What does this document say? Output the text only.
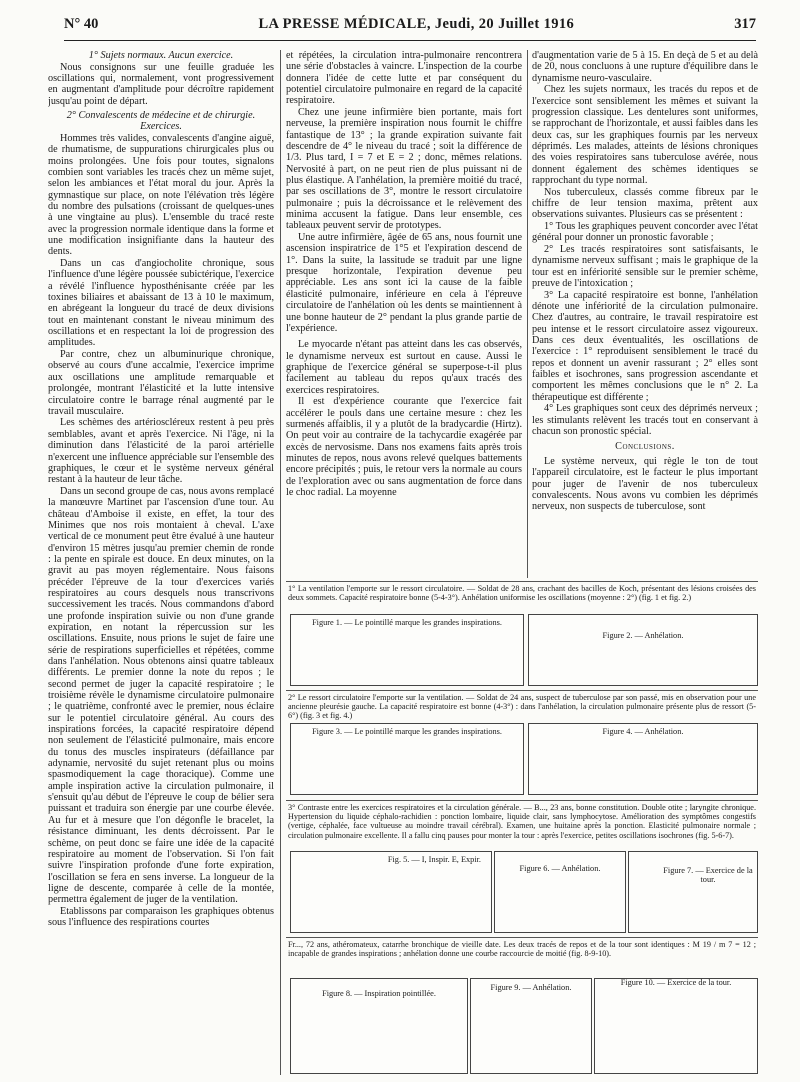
N° 40	LA PRESSE MÉDICALE, Jeudi, 20 Juillet 1916	317

1° Sujets normaux. Aucun exercice.

Nous consignons sur une feuille graduée les oscillations qui, normalement, vont progressivement en augmentant d'amplitude pour décroître rapidement jusqu'au point de départ.

2° Convalescents de médecine et de chirurgie. Exercices.

Hommes très valides, convalescents d'angine aiguë, de rhumatisme, de suppurations chirurgicales plus ou moins prolongées. Une fois pour toutes, signalons combien sont variables les tracés chez un même sujet, selon les ambiances et l'état moral du jour. Après la gymnastique sur place, on note l'élévation très légère du nombre des pulsations (croissant de quelques-unes à une vingtaine au plus). L'ensemble du tracé reste avec la progression normale identique dans la forme et une modification insignifiante dans la hauteur des dents.

Dans un cas d'angiocholite chronique, sous l'influence d'une légère poussée subictérique, l'exercice a révélé l'influence hyposthénisante créée par les toxines biliaires et abaissant de 13 à 10 le maximum, en abrégeant la longueur du tracé de deux divisions tout en maintenant constant le niveau minimum des oscillations et en respectant la loi de progression des amplitudes.

Par contre, chez un albuminurique chronique, observé au cours d'une accalmie, l'exercice imprime aux oscillations une amplitude remarquable et prolongée, montrant l'élasticité et la lutte intensive circulatoire contre le barrage rénal augmenté par le travail musculaire.

Les schèmes des artérioscléreux restent à peu près semblables, avant et après l'exercice. Ni l'âge, ni la diminution dans l'élasticité de la paroi artérielle n'exercent une influence appréciable sur l'ensemble des graphiques, le cœur et le système nerveux général restant à la hauteur de leur tâche.

Dans un second groupe de cas, nous avons remplacé la manœuvre Martinet par l'ascension d'une tour. Au château d'Amboise il existe, en effet, la tour des Minimes que nos rois montaient à cheval. L'axe vertical de ce monument peut être évalué à une hauteur d'environ 15 mètres jusqu'au premier chemin de ronde : la pente en spirale est douce. En deux minutes, on la gravit au pas moyen réglementaire. Nous faisons précéder l'épreuve de la tour d'exercices variés respiratoires au cours desquels nous transcrivons successivement les tracés. Nous commandons d'abord une profonde inspiration suivie ou non d'une grande expiration, en notant la répercussion sur les oscillations. Ensuite, nous prions le sujet de faire une série de respirations superficielles et répétées, comme dans l'anhélation. Nous obtenons ainsi quatre tableaux différents. Le premier donne la note du repos ; le second permet de juger la capacité respiratoire ; le troisième révèle le dynamisme circulatoire pulmonaire ; le quatrième, confronté avec le premier, nous éclaire sur le potentiel circulatoire général. Au cours des inspirations forcées, la capacité respiratoire dépend non seulement de l'élasticité pulmonaire, mais encore du tonus des muscles inspirateurs (défaillance par adynamie, nervosité du sujet retenant plus ou moins spasmodiquement la cage thoracique). Comme une ample inspiration active la circulation pulmonaire, il s'ensuit qu'au début de l'épreuve le coup de bélier sera puissant et traduira son énergie par une courbe élevée. Au fur et à mesure que l'on dégonfle le bracelet, la résistance diminuant, les dents décroissent. Par le schème, on peut donc se faire une idée de la capacité respiratoire au moment de l'observation. Si l'on fait suivre l'inspiration profonde d'une forte expiration, l'oscillation se fera en sens inverse. La longueur de la ligne de descente, comparée à celle de la montée, permettra également de juger de la ventilation.

Etablissons par comparaison les graphiques obtenus sous l'influence des respirations courtes

et répétées, la circulation intra-pulmonaire rencontrera une série d'obstacles à vaincre. L'inspection de la courbe donnera l'idée de cette lutte et par conséquent du potentiel circulatoire pulmonaire en regard de la capacité respiratoire.

Chez une jeune infirmière bien portante, mais fort nerveuse, la première inspiration nous fournit le chiffre fantastique de 13° ; la grande expiration suivante fait descendre de 4° le niveau du tracé ; soit la différence de 1/3. Plus tard, I = 7 et E = 2 ; donc, mêmes relations. Nervosité à part, on ne peut rien de plus puissant ni de plus élastique. A l'anhélation, la première moitié du tracé, par ses oscillations de 3°, montre le ressort circulatoire pulmonaire ; puis la décroissance et le relèvement des minima accusent la fatigue. Dans leur ensemble, ces tableaux peuvent servir de prototypes.

Une autre infirmière, âgée de 65 ans, nous fournit une ascension inspiratrice de 1°5 et l'expiration descend de 1°. Dans la suite, la lassitude se traduit par une ligne presque horizontale, l'expiration devenue peu appréciable. Les ans sont ici la cause de la faible élasticité pulmonaire, inférieure en cela à l'épreuve circulatoire de l'anhélation où les dents se maintiennent à une bonne hauteur de 2° pendant la plus grande partie de l'expérience.

Le myocarde n'étant pas atteint dans les cas observés, le dynamisme nerveux est surtout en cause. Aussi le graphique de l'exercice général se superpose-t-il plus facilement au tableau du repos qu'aux tracés des exercices respiratoires.

Il est d'expérience courante que l'exercice fait accélérer le pouls dans une certaine mesure : chez les surmenés affaiblis, il y a plutôt de la bradycardie (Hirtz). On peut voir au contraire de la tachycardie exagérée par excès de nervosisme. Dans nos examens faits après trois minutes de repos, nous avons relevé quelques battements encore précipités ; puis, le retour vers la normale au cours de l'exploration avec ou sans augmentation de force dans le choc radial. La moyenne

d'augmentation varie de 5 à 15. En deçà de 5 et au delà de 20, nous concluons à une rupture d'équilibre dans le dynamisme neuro-vasculaire.

Chez les sujets normaux, les tracés du repos et de l'exercice sont sensiblement les mêmes et suivant la progression classique. Les dentelures sont uniformes, se rapprochant de l'horizontale, et aussi faibles dans les deux cas, sur les graphiques fournis par les nerveux déprimés. Les malades, atteints de lésions chroniques des voies respiratoires sans tuberculose avérée, nous donnent également des schèmes identiques se rapprochant du type normal.

Nos tuberculeux, classés comme fibreux par le chiffre de leur tension maxima, prêtent aux observations suivantes. Plusieurs cas se présentent :

1° Tous les graphiques peuvent concorder avec l'état général pour donner un pronostic favorable ;

2° Les tracés respiratoires sont satisfaisants, le dynamisme nerveux suffisant ; mais le graphique de la tour est en infériorité sensible sur le premier schème, preuve de l'intoxication ;

3° La capacité respiratoire est bonne, l'anhélation dénote une infériorité de la circulation pulmonaire. Chez d'autres, au contraire, le travail respiratoire est peu intense et le ressort circulatoire assez vigoureux. Dans ces deux éventualités, les oscillations de l'exercice : 1° reproduisent sensiblement le tracé du repos et donnent un avenir rassurant ; 2° elles sont faibles et isochrones, sans progression ascendante et comportent les mêmes conclusions que le n° 2. La thérapeutique est différente ;

4° Les graphiques sont ceux des déprimés nerveux ; les stimulants relèvent les tracés tout en conservant à chacun son pronostic spécial.

Conclusions.

Le système nerveux, qui règle le ton de tout l'appareil circulatoire, est le facteur le plus important pour juger de l'avenir de nos tuberculeux convalescents. Nous avons vu combien les déprimés nerveux, non suspects de tuberculose, sont

1° La ventilation l'emporte sur le ressort circulatoire. — Soldat de 28 ans, crachant des bacilles de Koch, présentant des lésions croisées des deux sommets. Capacité respiratoire bonne (5-4-3°). Anhélation uniformise les oscillations (moyenne : 2°) (fig. 1 et fig. 2.)
Figure 1. — Le pointillé marque les grandes inspirations.
Figure 2. — Anhélation.
2° Le ressort circulatoire l'emporte sur la ventilation. — Soldat de 24 ans, suspect de tuberculose par son passé, mis en observation pour une ancienne pleurésie gauche. La capacité respiratoire est bonne (4-3°) : dans l'anhélation, la circulation pulmonaire présente plus de ressort (5-6°) (fig. 3 et fig. 4.)
Figure 3. — Le pointillé marque les grandes inspirations.	Figure 4. — Anhélation.
3° Contraste entre les exercices respiratoires et la circulation générale. — B..., 23 ans, bonne constitution. Double otite ; laryngite chronique. Hypertension du liquide céphalo-rachidien : ponction lombaire, liquide clair, sans lymphocytose. Amélioration des symptômes congestifs (vertige, céphalée, face vultueuse au moindre travail cérébral). Examen, une huitaine après la ponction. Elasticité pulmonaire normale ; circulation pulmonaire excellente. Il a fallu cinq pauses pour monter la tour : après l'exercice, petites oscillations isochrones (fig. 5-6-7).
Fig. 5. — I, Inspir. E, Expir.
Figure 6. — Anhélation.	Figure 7. — Exercice de la tour.
Fr..., 72 ans, athéromateux, catarrhe bronchique de vieille date. Les deux tracés de repos et de la tour sont identiques : M 19 / m 7 = 12 ; incapable de grandes inspirations ; anhélation donne une courbe raccourcie de moitié (fig. 8-9-10).
Figure 8. — Inspiration pointillée.
Figure 9. — Anhélation.
Figure 10. — Exercice de la tour.
